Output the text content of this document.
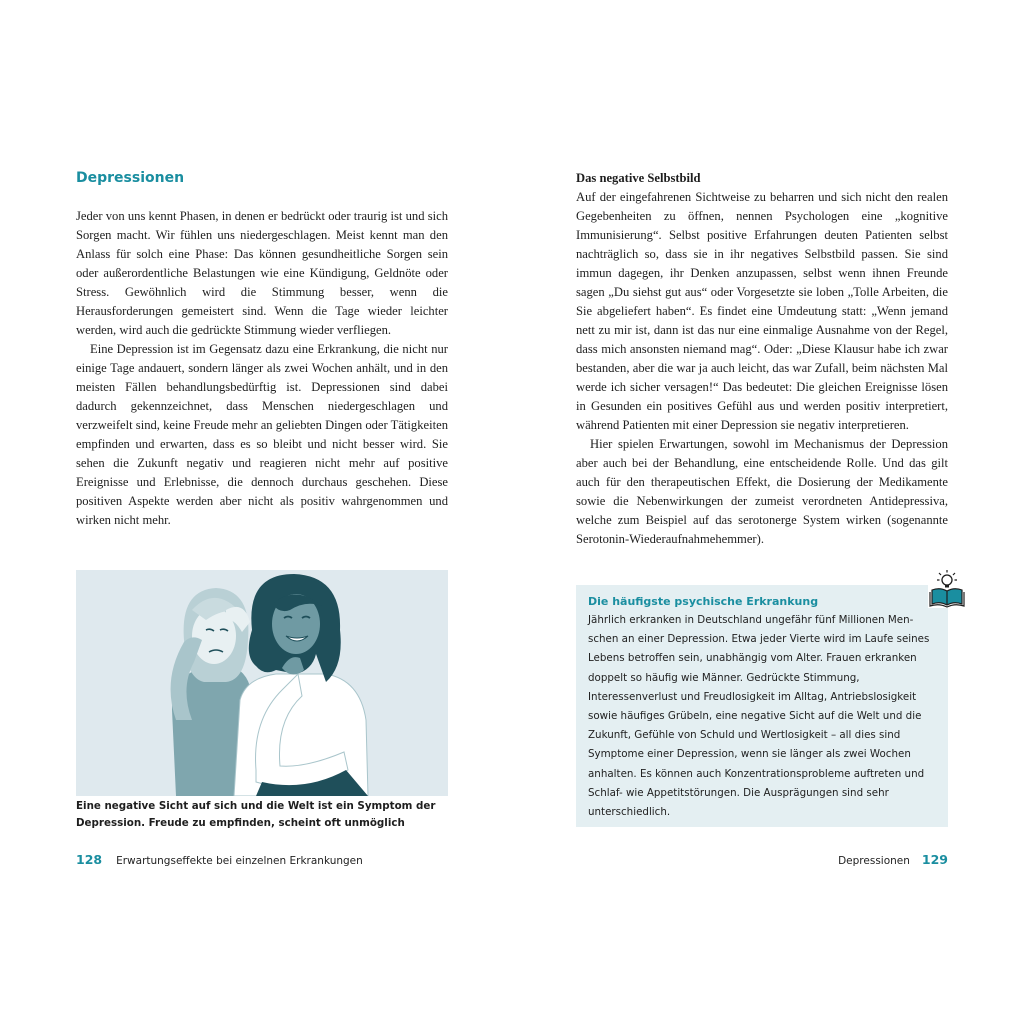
Depressionen

Jeder von uns kennt Phasen, in denen er bedrückt oder traurig ist und sich Sorgen macht. Wir fühlen uns niedergeschlagen. Meist kennt man den Anlass für solch eine Phase: Das können gesundheitliche Sorgen sein oder außerordentliche Belastungen wie eine Kündigung, Geldnöte oder Stress. Gewöhnlich wird die Stimmung besser, wenn die Herausforderungen gemeistert sind. Wenn die Tage wieder leichter werden, wird auch die gedrückte Stimmung wieder verfliegen.

Eine Depression ist im Gegensatz dazu eine Erkrankung, die nicht nur einige Tage andauert, sondern länger als zwei Wochen anhält, und in den meisten Fällen behandlungsbedürftig ist. Depressionen sind dabei dadurch gekennzeichnet, dass Menschen niedergeschlagen und verzweifelt sind, keine Freude mehr an geliebten Dingen oder Tätigkeiten empfinden und erwarten, dass es so bleibt und nicht besser wird. Sie sehen die Zukunft negativ und reagieren nicht mehr auf positive Ereignisse und Erlebnisse, die dennoch durchaus geschehen. Diese positiven Aspekte werden aber nicht als positiv wahrgenommen und wirken nicht mehr.

Eine negative Sicht auf sich und die Welt ist ein Symptom der Depression. Freude zu empfinden, scheint oft unmöglich
128 Erwartungseffekte bei einzelnen Erkrankungen
Das negative Selbstbild

Auf der eingefahrenen Sichtweise zu beharren und sich nicht den realen Gegebenheiten zu öffnen, nennen Psychologen eine „kognitive Immunisierung“. Selbst positive Erfahrungen deuten Patienten selbst nachträglich so, dass sie in ihr negatives Selbstbild passen. Sie sind immun dagegen, ihr Denken anzupassen, selbst wenn ihnen Freunde sagen „Du siehst gut aus“ oder Vorgesetzte sie loben „Tolle Arbeiten, die Sie abgeliefert haben“. Es findet eine Umdeutung statt: „Wenn jemand nett zu mir ist, dann ist das nur eine einmalige Ausnahme von der Regel, dass mich ansonsten niemand mag“. Oder: „Diese Klausur habe ich zwar bestanden, aber die war ja auch leicht, das war Zufall, beim nächsten Mal werde ich sicher versagen!“ Das bedeutet: Die gleichen Ereignisse lösen in Gesunden ein positives Gefühl aus und werden positiv interpretiert, während Patienten mit einer Depression sie negativ interpretieren.

Hier spielen Erwartungen, sowohl im Mechanismus der Depression aber auch bei der Behandlung, eine entscheidende Rolle. Und das gilt auch für den therapeutischen Effekt, die Dosierung der Medikamente sowie die Nebenwirkungen der zumeist verordneten Antidepressiva, welche zum Beispiel auf das serotonerge System wirken (sogenannte Serotonin-Wiederaufnahmehemmer).

Die häufigste psychische Erkrankung
Jährlich erkranken in Deutschland ungefähr fünf Millionen Menschen an einer Depression. Etwa jeder Vierte wird im Laufe seines Lebens betroffen sein, unabhängig vom Alter. Frauen erkranken doppelt so häufig wie Männer. Gedrückte Stimmung, Interessenverlust und Freudlosigkeit im Alltag, Antriebslosigkeit sowie häufiges Grübeln, eine negative Sicht auf die Welt und die Zukunft, Gefühle von Schuld und Wertlosigkeit – all dies sind Symptome einer Depression, wenn sie länger als zwei Wochen anhalten. Es können auch Konzentrationsprobleme auftreten und Schlaf- wie Appetitstörungen. Die Ausprägungen sind sehr unterschiedlich.
Depressionen 129
